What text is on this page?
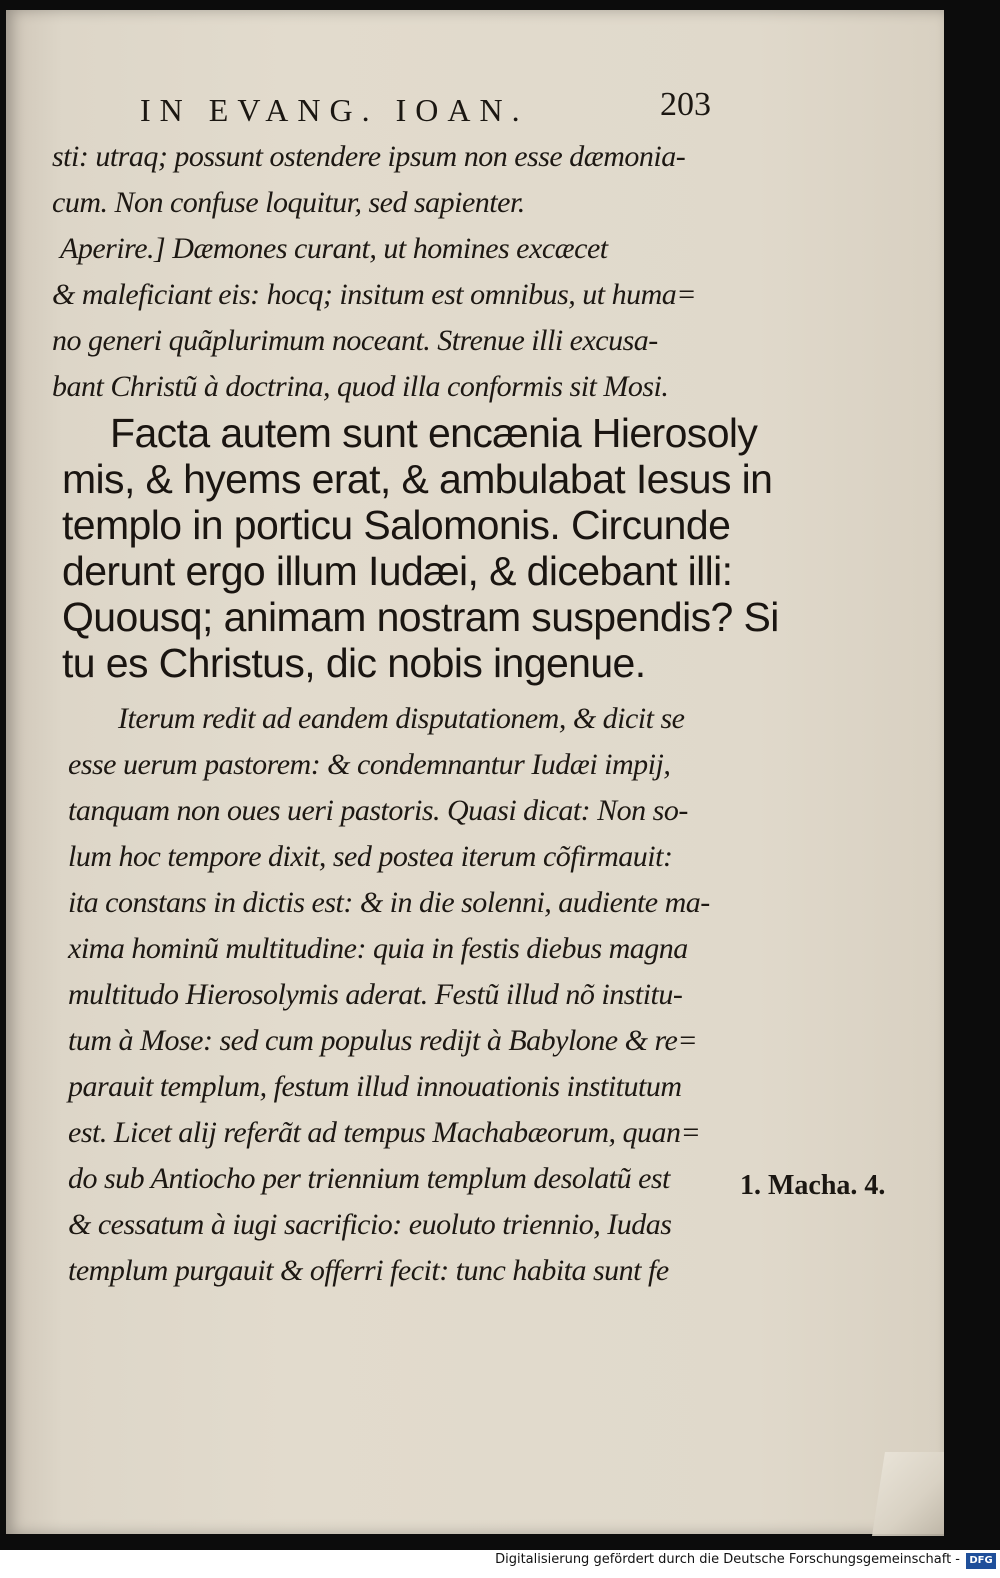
IN EVANG. IOAN.	203
sti: utraq; possunt ostendere ipsum non esse dæmonia-
cum. Non confuse loquitur, sed sapienter.
Aperire.] Dæmones curant, ut homines excæcet
& maleficiant eis: hocq; insitum est omnibus, ut huma=
no generi quãplurimum noceant. Strenue illi excusa-
bant Christũ à doctrina, quod illa conformis sit Mosi.
Facta autem sunt encænia Hierosoly
mis, & hyems erat, & ambulabat Iesus in
templo in porticu Salomonis. Circunde
derunt ergo illum Iudæi, & dicebant illi:
Quousq; animam nostram suspendis? Si
tu es Christus, dic nobis ingenue.
Iterum redit ad eandem disputationem, & dicit se
esse uerum pastorem: & condemnantur Iudæi impij,
tanquam non oues ueri pastoris. Quasi dicat: Non so-
lum hoc tempore dixit, sed postea iterum cõfirmauit:
ita constans in dictis est: & in die solenni, audiente ma-
xima hominũ multitudine: quia in festis diebus magna
multitudo Hierosolymis aderat. Festũ illud nõ institu-
tum à Mose: sed cum populus redijt à Babylone & re=
parauit templum, festum illud innouationis institutum
est. Licet alij referãt ad tempus Machabæorum, quan=
do sub Antiocho per triennium templum desolatũ est
& cessatum à iugi sacrificio: euoluto triennio, Iudas
templum purgauit & offerri fecit: tunc habita sunt fe
1. Macha. 4.
Digitalisierung gefördert durch die Deutsche Forschungsgemeinschaft - DFG
